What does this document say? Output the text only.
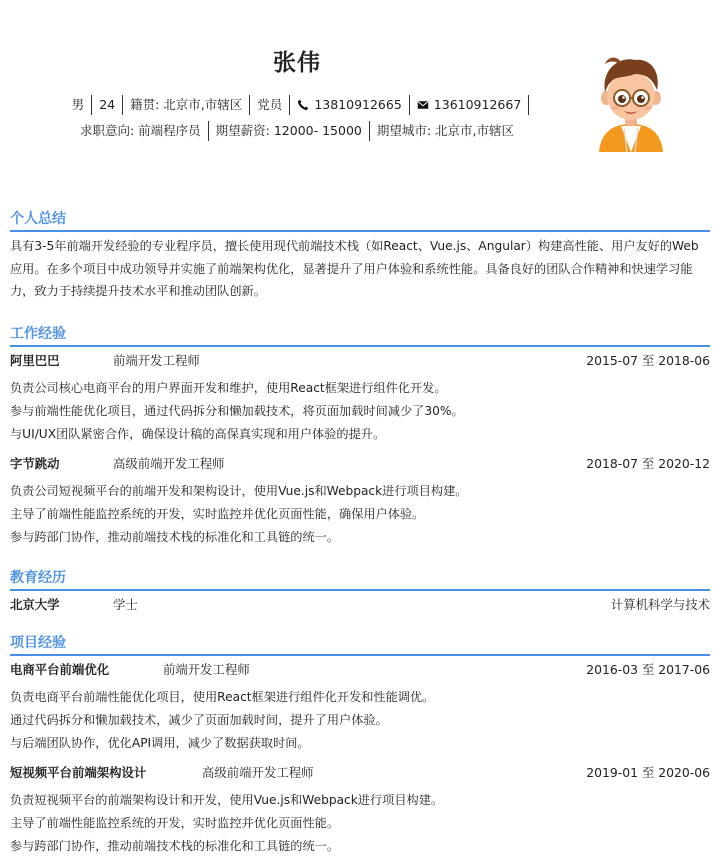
张伟
男	24	籍贯: 北京市,市辖区	党员	13810912665	13610912667
求职意向: 前端程序员	期望薪资: 12000- 15000	期望城市: 北京市,市辖区
个人总结
具有3-5年前端开发经验的专业程序员，擅长使用现代前端技术栈（如React、Vue.js、Angular）构建高性能、用户友好的Web应用。在多个项目中成功领导并实施了前端架构优化，显著提升了用户体验和系统性能。具备良好的团队合作精神和快速学习能力，致力于持续提升技术水平和推动团队创新。
工作经验
阿里巴巴	前端开发工程师	2015-07 至 2018-06
负责公司核心电商平台的用户界面开发和维护，使用React框架进行组件化开发。
参与前端性能优化项目，通过代码拆分和懒加载技术，将页面加载时间减少了30%。
与UI/UX团队紧密合作，确保设计稿的高保真实现和用户体验的提升。
字节跳动	高级前端开发工程师	2018-07 至 2020-12
负责公司短视频平台的前端开发和架构设计，使用Vue.js和Webpack进行项目构建。
主导了前端性能监控系统的开发，实时监控并优化页面性能，确保用户体验。
参与跨部门协作，推动前端技术栈的标准化和工具链的统一。
教育经历
北京大学	学士	计算机科学与技术
项目经验
电商平台前端优化	前端开发工程师	2016-03 至 2017-06
负责电商平台前端性能优化项目，使用React框架进行组件化开发和性能调优。
通过代码拆分和懒加载技术，减少了页面加载时间，提升了用户体验。
与后端团队协作，优化API调用，减少了数据获取时间。
短视频平台前端架构设计	高级前端开发工程师	2019-01 至 2020-06
负责短视频平台的前端架构设计和开发，使用Vue.js和Webpack进行项目构建。
主导了前端性能监控系统的开发，实时监控并优化页面性能。
参与跨部门协作，推动前端技术栈的标准化和工具链的统一。
